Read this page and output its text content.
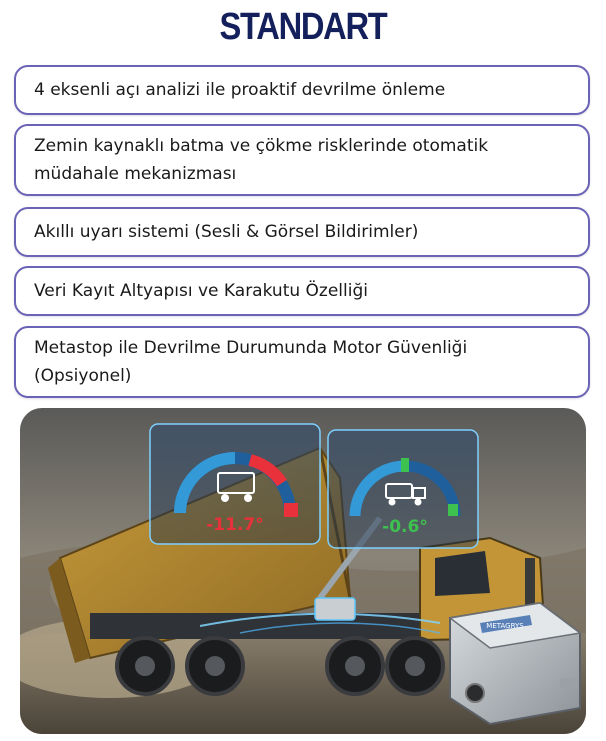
STANDART
4 eksenli açı analizi ile proaktif devrilme önleme
Zemin kaynaklı batma ve çökme risklerinde otomatik müdahale mekanizması
Akıllı uyarı sistemi (Sesli & Görsel Bildirimler)
Veri Kayıt Altyapısı ve Karakutu Özelliği
Metastop ile Devrilme Durumunda Motor Güvenliği (Opsiyonel)
-11.7°	-0.6°
METAGRYS
